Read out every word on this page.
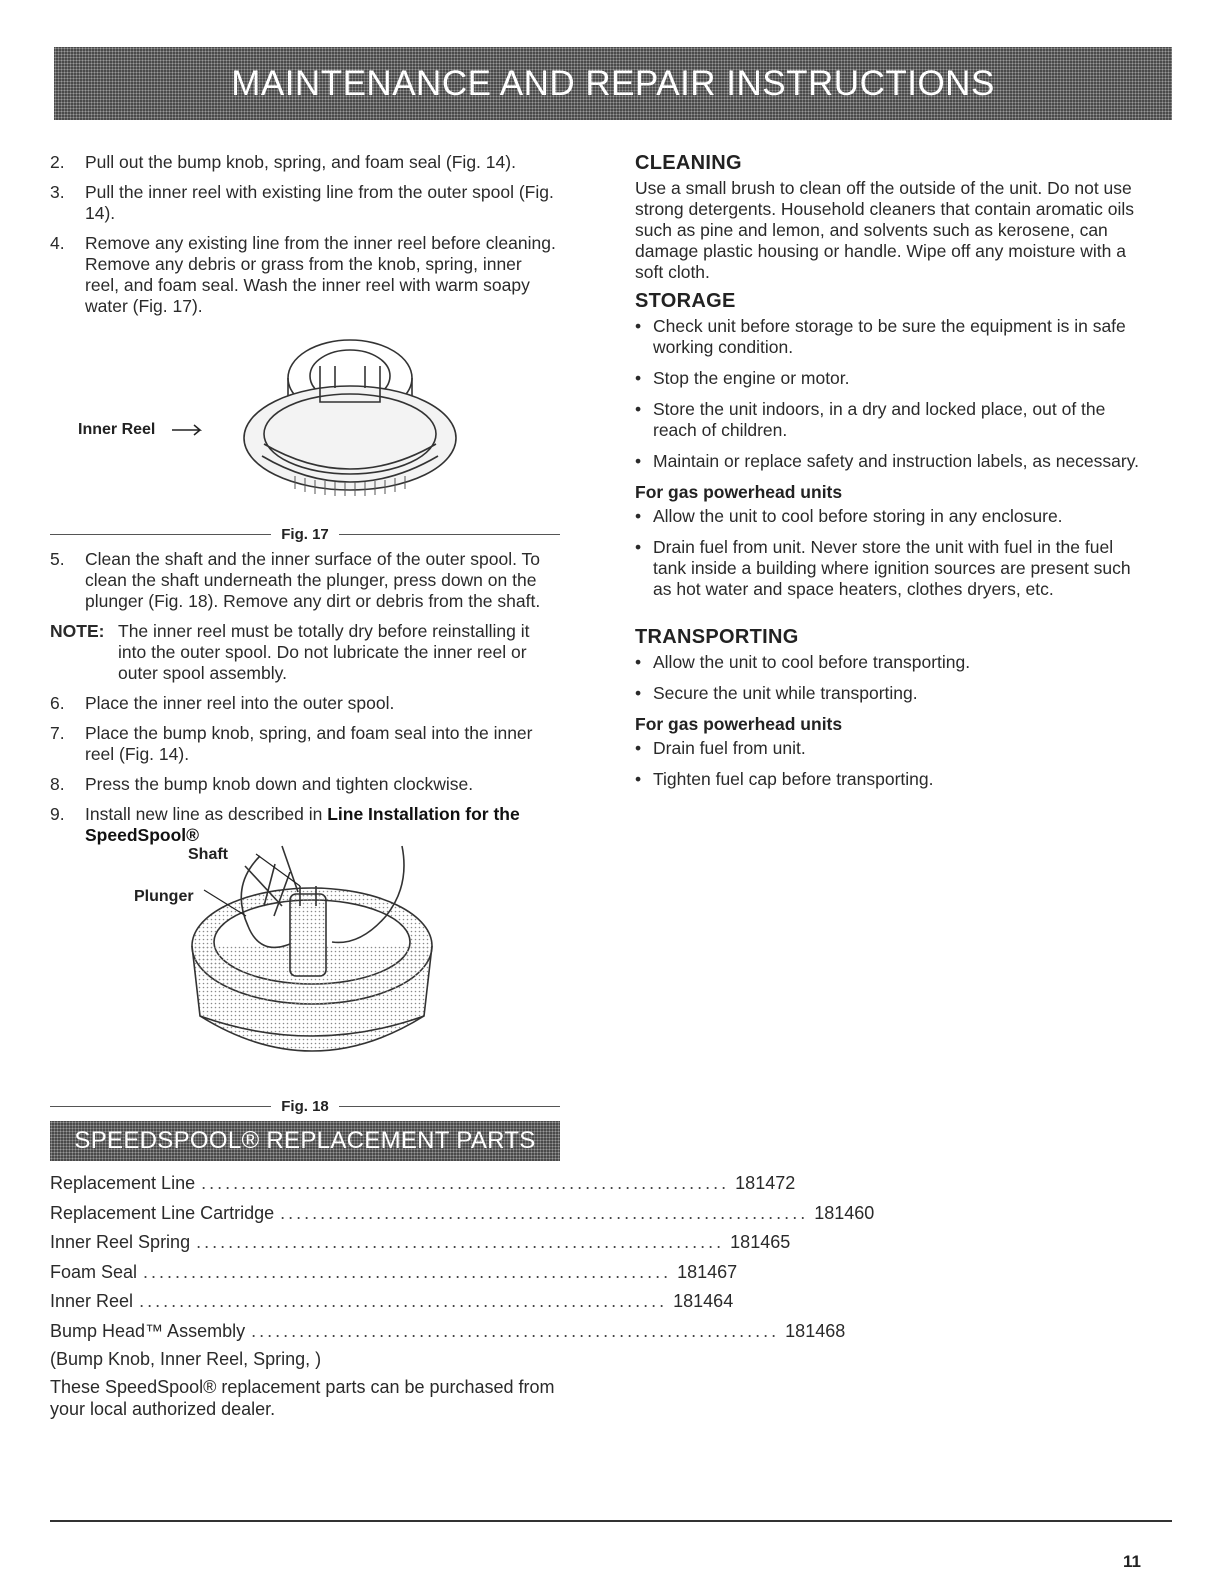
MAINTENANCE AND REPAIR INSTRUCTIONS
2.	Pull out the bump knob, spring, and foam seal (Fig. 14).
3.	Pull the inner reel with existing line from the outer spool (Fig. 14).
4.	Remove any existing line from the inner reel before cleaning. Remove any debris or grass from the knob, spring, inner reel, and foam seal. Wash the inner reel with warm soapy water (Fig. 17).
Inner Reel
Fig. 17
5.	Clean the shaft and the inner surface of the outer spool. To clean the shaft underneath the plunger, press down on the plunger (Fig. 18). Remove any dirt or debris from the shaft.
NOTE: The inner reel must be totally dry before reinstalling it into the outer spool. Do not lubricate the inner reel or outer spool assembly.
6.	Place the inner reel into the outer spool.
7.	Place the bump knob, spring, and foam seal into the inner reel (Fig. 14).
8.	Press the bump knob down and tighten clockwise.
9.	Install new line as described in Line Installation for the SpeedSpool®
Shaft
Plunger
Fig. 18
SPEEDSPOOL® REPLACEMENT PARTS
Replacement Line .................................................................. 181472
Replacement Line Cartridge .................................................................. 181460
Inner Reel Spring .................................................................. 181465
Foam Seal .................................................................. 181467
Inner Reel .................................................................. 181464
Bump Head™ Assembly .................................................................. 181468
(Bump Knob, Inner Reel, Spring, )
These SpeedSpool® replacement parts can be purchased from your local authorized dealer.
CLEANING

Use a small brush to clean off the outside of the unit. Do not use strong detergents. Household cleaners that contain aromatic oils such as pine and lemon, and solvents such as kerosene, can damage plastic housing or handle. Wipe off any moisture with a soft cloth.

STORAGE
• Check unit before storage to be sure the equipment is in safe working condition.
• Stop the engine or motor.
• Store the unit indoors, in a dry and locked place, out of the reach of children.
• Maintain or replace safety and instruction labels, as necessary.
For gas powerhead units
• Allow the unit to cool before storing in any enclosure.
• Drain fuel from unit. Never store the unit with fuel in the fuel tank inside a building where ignition sources are present such as hot water and space heaters, clothes dryers, etc.
TRANSPORTING
• Allow the unit to cool before transporting.
• Secure the unit while transporting.
For gas powerhead units
• Drain fuel from unit.
• Tighten fuel cap before transporting.
11
